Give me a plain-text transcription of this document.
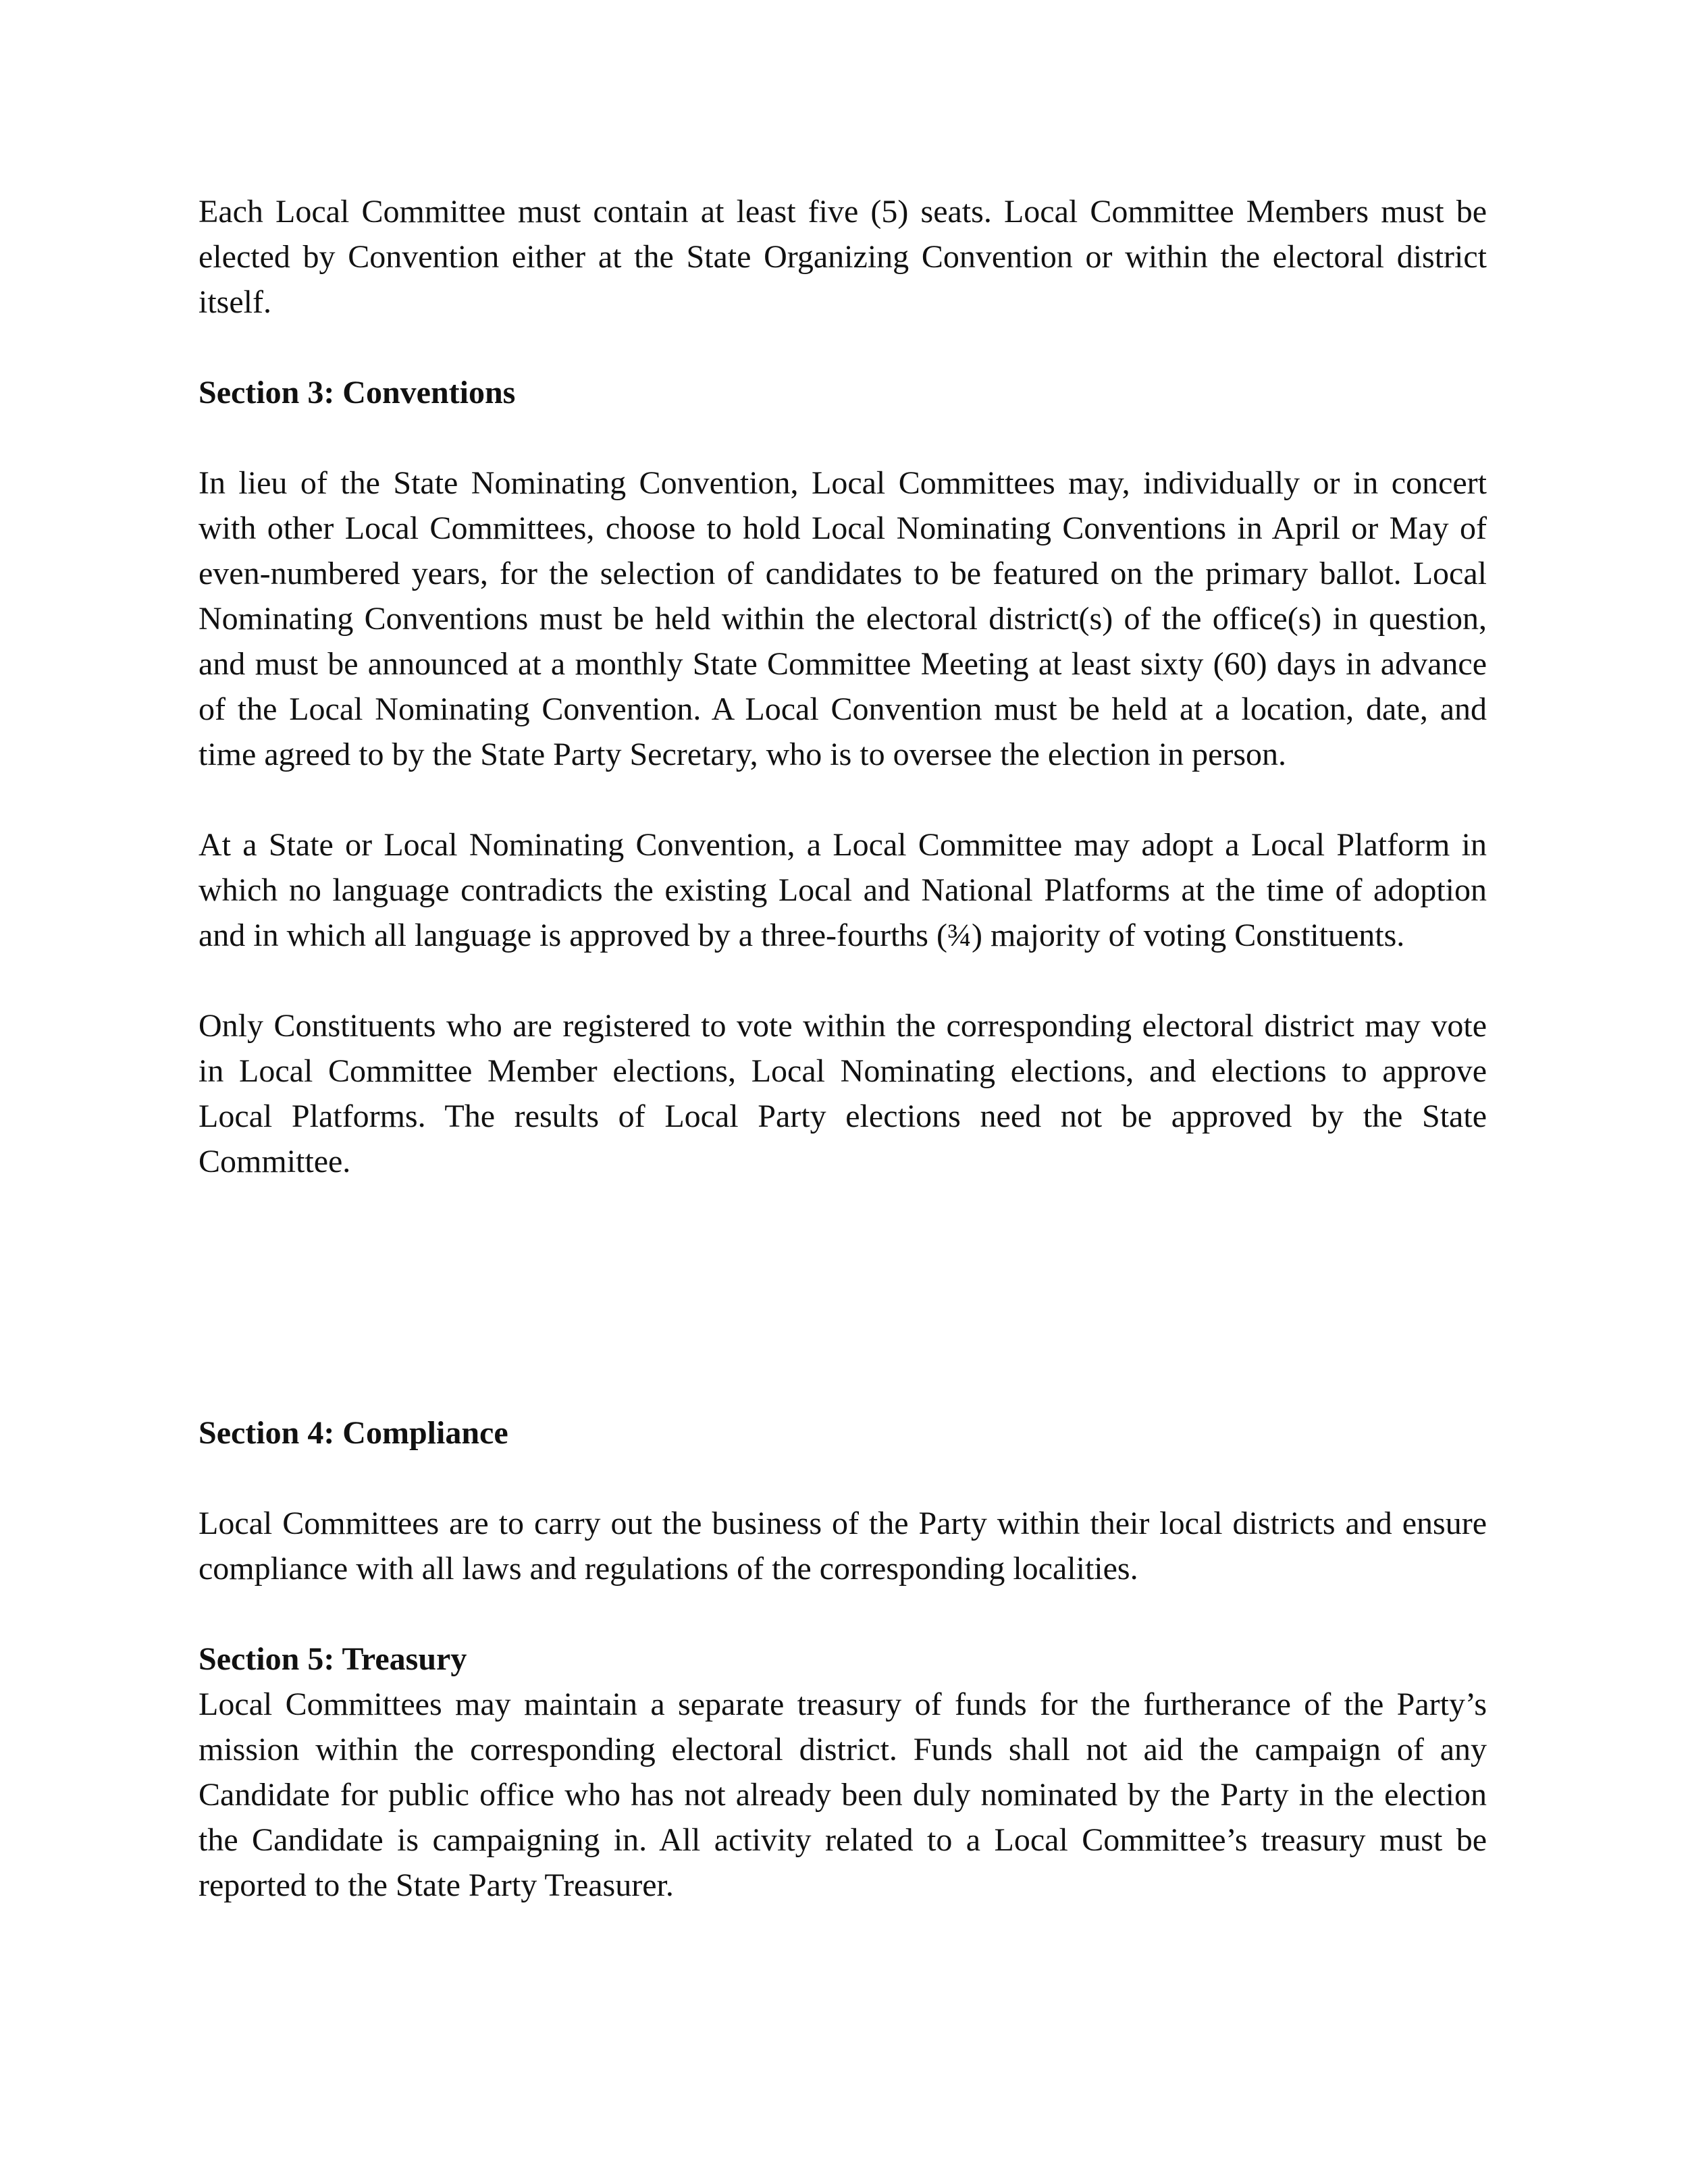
Each Local Committee must contain at least five (5) seats. Local Committee Members must be elected by Convention either at the State Organizing Convention or within the electoral district itself.

Section 3: Conventions

In lieu of the State Nominating Convention, Local Committees may, individually or in concert with other Local Committees, choose to hold Local Nominating Conventions in April or May of even-numbered years, for the selection of candidates to be featured on the primary ballot. Local Nominating Conventions must be held within the electoral district(s) of the office(s) in question, and must be announced at a monthly State Committee Meeting at least sixty (60) days in advance of the Local Nominating Convention. A Local Convention must be held at a location, date, and time agreed to by the State Party Secretary, who is to oversee the election in person.

At a State or Local Nominating Convention, a Local Committee may adopt a Local Platform in which no language contradicts the existing Local and National Platforms at the time of adoption and in which all language is approved by a three-fourths (¾) majority of voting Constituents.

Only Constituents who are registered to vote within the corresponding electoral district may vote in Local Committee Member elections, Local Nominating elections, and elections to approve Local Platforms. The results of Local Party elections need not be approved by the State Committee.

Section 4: Compliance

Local Committees are to carry out the business of the Party within their local districts and ensure compliance with all laws and regulations of the corresponding localities.

Section 5: Treasury

Local Committees may maintain a separate treasury of funds for the furtherance of the Party’s mission within the corresponding electoral district. Funds shall not aid the campaign of any Candidate for public office who has not already been duly nominated by the Party in the election the Candidate is campaigning in. All activity related to a Local Committee’s treasury must be reported to the State Party Treasurer.
